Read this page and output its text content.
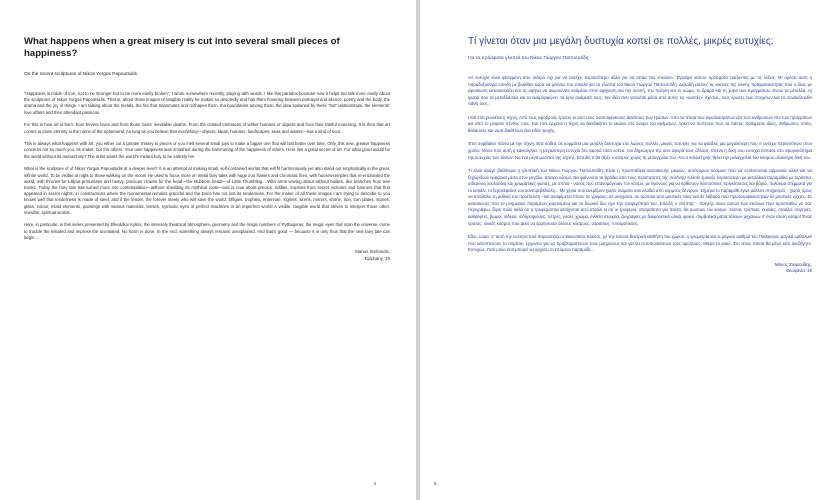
What happens when a great misery is cut into several small pieces of happiness?
On the recent sculptures of Nikos Yorgos Papoutsidis

“Happiness is made of iron, not to be stronger but to be more easily broken”, I wrote somewhere recently, playing with words. I like this paradox because now it helps me talk more easily about the sculptures of Nikos Yorgos Papoutsidis. That is, about those images of tangible reality he makes so devotedly and has them hovering between portrayal and silence, poetry and the body, the drama and the joy of things. I am talking about the metals, the fire that transmutes and reshapes them, the boundaries among them, the idea spawned by these “hot” relationships, the elements’ love affairs and their attendant passions.

For this is how art is born: from fervent loves and from those loves’ inevitable deaths. From the ceased embraces of wither humans or objects and from their fateful mourning. It is then that art comes to claim eternity in the name of the ephemeral. As long as you believe that everything—objects, ideas, humans, landscapes, seas and waters—has a kind of soul.

This is always what happens with art: you either cut a greater misery to pieces or you melt several small joys to make a bigger one that will last better over time. Only, this new, greater happiness concerns not so much you, its maker, but the others. Your own happiness was smashed during the hammering of the happiness of others. Here lies a great secret of art. For what good would be the world without its melancholy? The artist wants the world’s melancholy to be entirely his.

What is the sculpture of of Nikos Yorgos Papoutsidis at a deeper level? It is an attempt at making small, self-contained worlds that will fit harmoniously yet also stand out emphatically in the great, infinite world. To be visible at night to those walking on the moon! He used to focus more on metal fairy tales with huge iron flowers and chromatic fires, with houses-temples that re-enchanted the world, with thrones for Lilliput princesses and heavy, precious crowns for the head—the stubborn head!—of Little Thumbling... With arms waving about without bodies, like branches from tree trunks. Today the fairy tale has turned more into contemplation—without shedding its mythical roots—and is now about precies, riddles, trophies from secret victories and banners that first appeared in secret nights, in constructions where the monumental remains graceful and the Doric has not lost its tenderness. For the maker of all these images I am trying to describe to you knows well that tenderness is made of steel, and if the tender, the forever steely who will save the world. Effigies, trophies, entennae, signels, sirens, mirrors, shrine, iron, iron plates, stones, glass, colour, inlaid elements, paintings with various materials, lenses, symbolic eyes of perfect machines in an imperfect world! A visible, tangible world that strives to interpret those other, invisible, spiritual worlds.

Here, in particular, in this series presented by Elkeddkoi Kykloi, the intensely theatrical atmosphere, geometry and the magic numbers of Pythagoras, the magic eyes that scan the universe, come to trouble the initiated and impress the uninitiated. No harm is done. In the end, something always remains unexplained. And that’s good — because it is only thus that the next fairy tale can begin...

Manos Stefanidis,
Epiphany ’19
4
Τί γίνεται όταν μια μεγάλη δυστυχία κοπεί σε πολλές, μικρές ευτυχίες;
Για τα πρόσφατα γλυπτά του Νίκου Γιώργου Παπουτσίδη

«Η ευτυχία είναι φτιαγμένη από σίδερο όχι για να αντέχει περισσότερο αλλά για να σπάει πιο εύκολα». Έγραψα κάπου πρόσφατα παίζοντας με τις λέξεις. Μ’ αρέσει αυτή η παραδοξολογία επειδή με βοηθάει τώρα να μιλήσω πιο εύκολα για τα γλυπτά του Νίκου Γιώργου Παπουτσίδη. Δηλαδή εκείνες τις εικόνες της υλικής πραγματικότητας που ο ίδιος με αφοσίωση κατασκευάζει και τις αφήνει να αιωρούνται ανάμεσα στην αφήγηση και την σιωπή, την ποίηση και το σώμα, το δράμα και τη χαρά των πραγμάτων. Ενοώ τα μέταλλα, τη φωτιά που τα μεταλλάσσει και τα αναμορφώνει, τα όρια ανάμεσά τους, την ιδέα που γεννιέται μέσα από αυτές τις «καυτές» σχέσεις, τους έρωτες των στοιχείων και τα συνακόλουθα πάθη τους.

Γιατί έτσι γεννιέται η τέχνη: Από τους σφοδρούς έρωτες κι από τους αναπόφευκτους θανάτους των ερώτων. Από τα τέλεια των αγκαλιασμάτων είτε των ανθρώπων είτε των πραγμάτων και από το μοιραίο πένθος τους. Και τότε έρχεται η τέχνη να διεκδικήσει το αιώνιο στο όνομα του εφήμερου. Αρκεί να πιστεύεις πως τα πάντα, πράγματα, ιδέες, άνθρωποι, τοπία, θάλασσες και νερά διαθέτουν ένα είδος ψυχής.

Έτσι συμβαίνει πάντα με την τέχνη: Είτε κόβεις σε κομμάτια μια μεγάλη δυστυχία είτε λιώνεις πολλές, μικρές ευτυχίες για να φτιάξεις μια μεγαλύτερη που ν’ αντέχει περισσότερο στον χρόνο. Μόνο πού αυτή η καινούργια, η μεγαλύτερη ευτυχία δεν αφορά τόσο εσένα, τον δημιουργό της όσο αφορά τους άλλους. Εσένα η δική σου ευτυχία έσπασε στο σφυροκόπημα της ευτυχίας των άλλων. Να ένα μέγα μυστικό της τέχνης. Επειδή τί θα άξιζε ο κόσμος χωρίς τη μελαγχολία του; Και ο καλλιτέχνης θέλει την μελαγχολία του κόσμου ολόκληρη δική του.

Τί είναι άραγε βαθύτερα η γλυπτική του Νίκου Γιώργου Παπουτσίδη; Είναι η προσπάθεια κατασκευής μικρών, αυτόνομων κόσμων πού να εντάσσονται αρμονικά αλλά και να ξεχωρίζουν εμφατικά μέσα στον μεγάλο, άπειρο κόσμο. Να φαίνονται τα βράδια από τους περιπατητές της σελήνης! Άλλοτε έμοιαζε περισσότερο με μεταλλικά παραμύθια με τεράστια, σιδερένια λουλούδια και χρωματικές φωτιές, με σπίτια - ναούς πού επανομάγευαν τον κόσμο, με θρόνους για να καθίσουν λιλιπούτειες πριγκίπισσες και βαριά, πολύτιμα στέμματα για το κεφάλι, το ξεροκέφαλο! του κοντορεβιθούλη... Με χέρια πού ανεμίζουν χωρίς σώματα σαν κλαδιά από κορμούς δέντρων. Σήμερα το παραμύθι έγινε μάλλον στοχασμός - χωρίς όμως να αποβάλει τη μυθική του προέλευση - και αναφέρεται πλέον σε γρίφους, σε αινίγματα, σε τρόπαια από μυστικές νίκες και σε λάβαρα πού πρωτοεμφανίστηκαν σε μυστικές νύχτες. Σε κατασκευές πού το μνημειακό παραμένει χαριτωμένο και το δωρικό δεν έχει την τρυφερότητα του. Επειδή ο γλύπτης - ποιητής όλων αυτών των εικόνων πού προσπαθώ να σας περιγράψω, ξέρει πολύ καλά ότι η τρυφερότητα φτιάχνεται από ατσάλι κι ότι οι τρυφεροί, απαραίτητα για πάντα, θα σώσουν τον κόσμο. Ξόανα, τρόπαια, κεραίες, σινιάλα, σειρήνες, καθρέφτες, βωμοί, σίδερα, σιδηρόφυλλες, πέτρες, γυαλί, χρώμα, ένθετα στοιχεία, ζωγραφιές με διαφορετικά υλικά, φακοί, συμβολικά μάτια τέλειων μηχανών σ’ έναν ατελή κόσμο! Ένας ορατός, υλικός κόσμος πού φιλεί να ερμηνεύσει άλλους κόσμους, αόρατους, πνευματικούς.

Εδώ, τώρα, σ’ αυτή την ενότητα πού παρουσιάζει ο Εκκεντικός Κύκλος, με την έντονα θεατρική αίσθηση του χώρου, η γεωμετρία και οι μαγικοί αριθμοί του Πυθαγόρα, μαγικά ορθαλμοί πού κατοπτεύουν το σύμπαν, έρχονται για να προβληματίσουν τους μυημένους και για να εντυπωσιάσουν τους αμύητους. Μικρό το κακό. Στο τέλος πάντα θα μένει κάτι ανεξήγητο. Ευτυχώς. Γιατί μόνο έτσι μπορεί να αρχίσει το επόμενο παραμύθι...

Μάνος Στεφανίδης,
Θεοφάνια ’19
5
